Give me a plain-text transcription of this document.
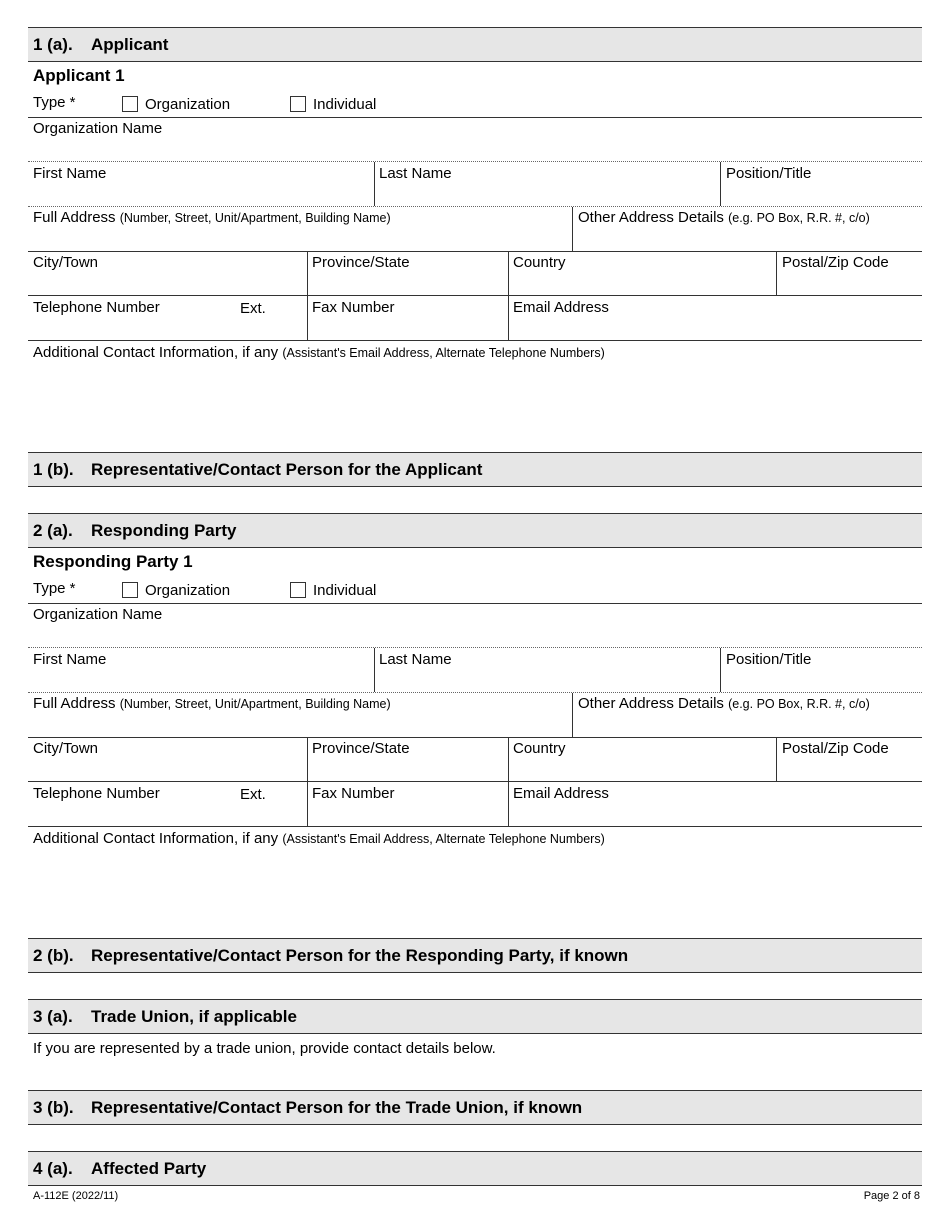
1 (a). Applicant
Applicant 1
Type *	Organization	Individual
Organization Name
First Name	Last Name	Position/Title
Full Address (Number, Street, Unit/Apartment, Building Name)	Other Address Details (e.g. PO Box, R.R. #, c/o)
City/Town	Province/State	Country	Postal/Zip Code
Telephone Number	Ext.	Fax Number	Email Address
Additional Contact Information, if any (Assistant's Email Address, Alternate Telephone Numbers)
1 (b). Representative/Contact Person for the Applicant
2 (a). Responding Party
Responding Party 1
Type *	Organization	Individual
Organization Name
First Name	Last Name	Position/Title
Full Address (Number, Street, Unit/Apartment, Building Name)	Other Address Details (e.g. PO Box, R.R. #, c/o)
City/Town	Province/State	Country	Postal/Zip Code
Telephone Number	Ext.	Fax Number	Email Address
Additional Contact Information, if any (Assistant's Email Address, Alternate Telephone Numbers)
2 (b). Representative/Contact Person for the Responding Party, if known
3 (a). Trade Union, if applicable
If you are represented by a trade union, provide contact details below.
3 (b). Representative/Contact Person for the Trade Union, if known
4 (a). Affected Party
A-112E (2022/11)	Page 2 of 8
